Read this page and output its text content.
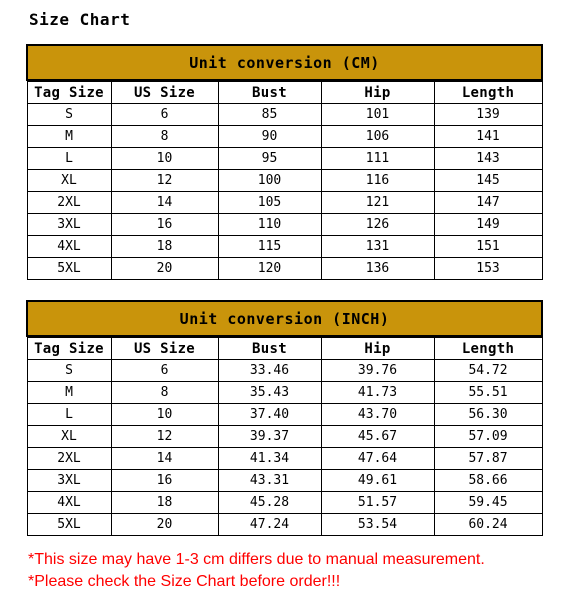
Size Chart
Unit conversion (CM)				

Tag Size	US Size	Bust	Hip	Length
S	6	85	101	139
M	8	90	106	141
L	10	95	111	143
XL	12	100	116	145
2XL	14	105	121	147
3XL	16	110	126	149
4XL	18	115	131	151
5XL	20	120	136	153
Unit conversion (INCH)				

Tag Size	US Size	Bust	Hip	Length
S	6	33.46	39.76	54.72
M	8	35.43	41.73	55.51
L	10	37.40	43.70	56.30
XL	12	39.37	45.67	57.09
2XL	14	41.34	47.64	57.87
3XL	16	43.31	49.61	58.66
4XL	18	45.28	51.57	59.45
5XL	20	47.24	53.54	60.24
*This size may have 1-3 cm differs due to manual measurement.
*Please check the Size Chart before order!!!
